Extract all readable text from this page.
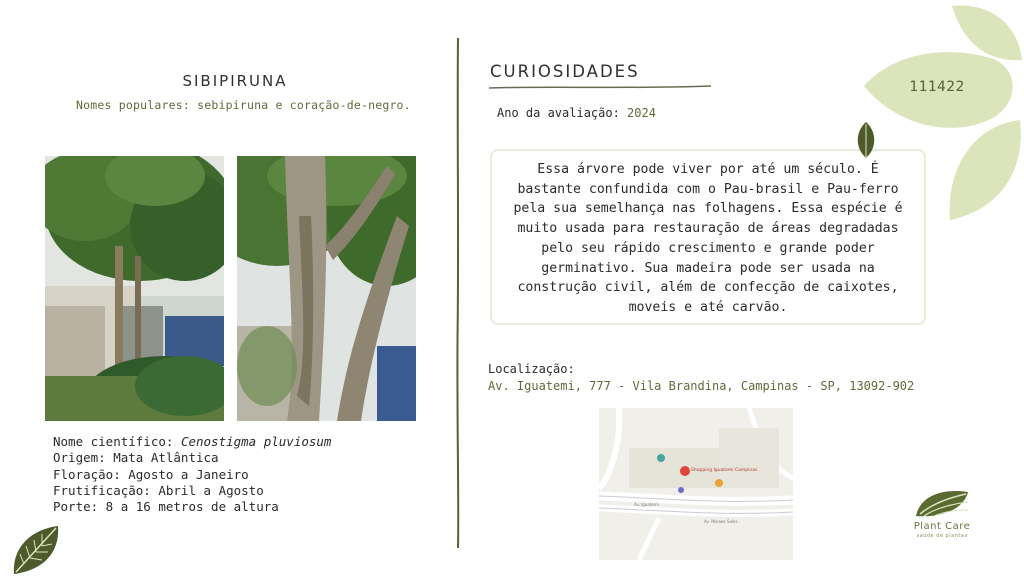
111422
SIBIPIRUNA
Nomes populares: sebipiruna e coração-de-negro.
Nome científico: Cenostigma pluviosum
Origem: Mata Atlântica
Floração: Agosto a Janeiro
Frutificação: Abril a Agosto
Porte: 8 a 16 metros de altura
CURIOSIDADES
Ano da avaliação: 2024
Essa árvore pode viver por até um século. É bastante confundida com o Pau-brasil e Pau-ferro pela sua semelhança nas folhagens. Essa espécie é muito usada para restauração de áreas degradadas pelo seu rápido crescimento e grande poder germinativo. Sua madeira pode ser usada na construção civil, além de confecção de caixotes, moveis e até carvão.
Localização:
Av. Iguatemi, 777 - Vila Brandina, Campinas - SP, 13092-902
Shopping Iguatemi Campinas
Av. Moraes Sales
Av. Iguatemi
Plant Care
saúde de plantas
